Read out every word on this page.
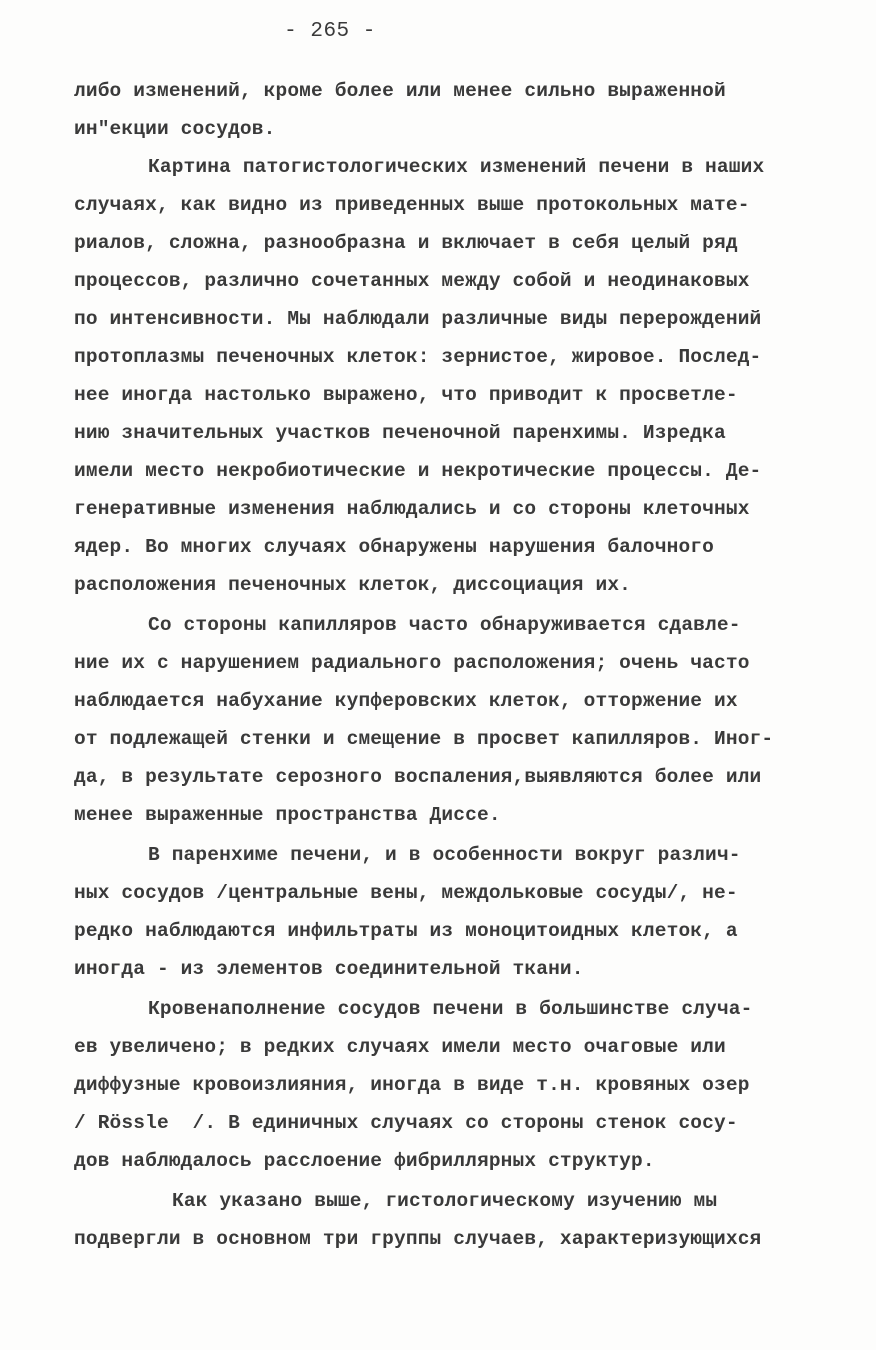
- 265 -

либо изменений, кроме более или менее сильно выраженной

ин"екции сосудов.

Картина патогистологических изменений печени в наших

случаях, как видно из приведенных выше протокольных мате-

риалов, сложна, разнообразна и включает в себя целый ряд

процессов, различно сочетанных между собой и неодинаковых

по интенсивности. Мы наблюдали различные виды перерождений

протоплазмы печеночных клеток: зернистое, жировое. Послед-

нее иногда настолько выражено, что приводит к просветле-

нию значительных участков печеночной паренхимы. Изредка

имели место некробиотические и некротические процессы. Де-

генеративные изменения наблюдались и со стороны клеточных

ядер. Во многих случаях обнаружены нарушения балочного

расположения печеночных клеток, диссоциация их.

Со стороны капилляров часто обнаруживается сдавле-

ние их с нарушением радиального расположения; очень часто

наблюдается набухание купферовских клеток, отторжение их

от подлежащей стенки и смещение в просвет капилляров. Иног-

да, в результате серозного воспаления,выявляются более или

менее выраженные пространства Диссе.

В паренхиме печени, и в особенности вокруг различ-

ных сосудов /центральные вены, междольковые сосуды/, не-

редко наблюдаются инфильтраты из моноцитоидных клеток, а

иногда - из элементов соединительной ткани.

Кровенаполнение сосудов печени в большинстве случа-

ев увеличено; в редких случаях имели место очаговые или

диффузные кровоизлияния, иногда в виде т.н. кровяных озер

/ Rössle  /. В единичных случаях со стороны стенок сосу-

дов наблюдалось расслоение фибриллярных структур.

Как указано выше, гистологическому изучению мы

подвергли в основном три группы случаев, характеризующихся
